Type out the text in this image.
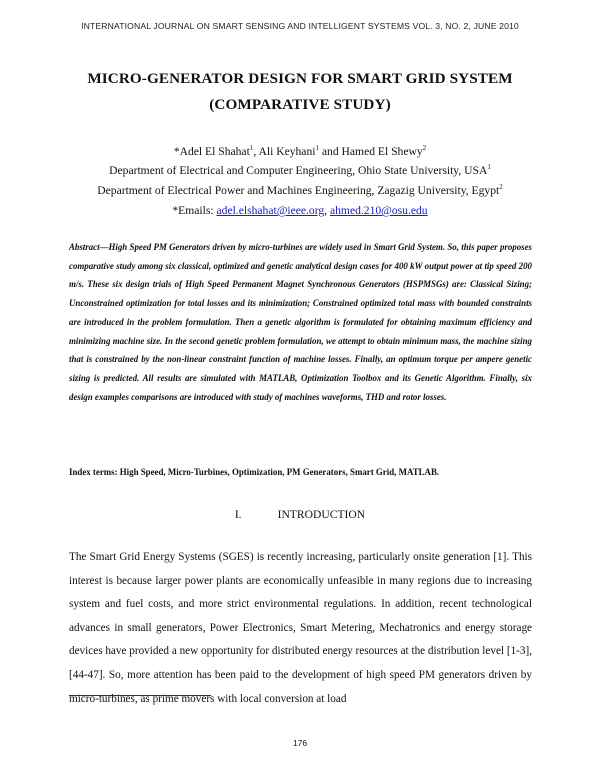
INTERNATIONAL JOURNAL ON SMART SENSING AND INTELLIGENT SYSTEMS VOL. 3, NO. 2, JUNE 2010
MICRO-GENERATOR DESIGN FOR SMART GRID SYSTEM
(COMPARATIVE STUDY)
*Adel El Shahat$^1$, Ali Keyhani$^1$ and Hamed El Shewy$^2$
Department of Electrical and Computer Engineering, Ohio State University, USA$^1$
Department of Electrical Power and Machines Engineering, Zagazig University, Egypt$^2$
*Emails: adel.elshahat@ieee.org, ahmed.210@osu.edu
Abstract—High Speed PM Generators driven by micro-turbines are widely used in Smart Grid System. So, this paper proposes comparative study among six classical, optimized and genetic analytical design cases for 400 kW output power at tip speed 200 m/s. These six design trials of High Speed Permanent Magnet Synchronous Generators (HSPMSGs) are: Classical Sizing; Unconstrained optimization for total losses and its minimization; Constrained optimized total mass with bounded constraints are introduced in the problem formulation. Then a genetic algorithm is formulated for obtaining maximum efficiency and minimizing machine size. In the second genetic problem formulation, we attempt to obtain minimum mass, the machine sizing that is constrained by the non-linear constraint function of machine losses. Finally, an optimum torque per ampere genetic sizing is predicted. All results are simulated with MATLAB, Optimization Toolbox and its Genetic Algorithm. Finally, six design examples comparisons are introduced with study of machines waveforms, THD and rotor losses.
Index terms: High Speed, Micro-Turbines, Optimization, PM Generators, Smart Grid, MATLAB.
I.	INTRODUCTION
The Smart Grid Energy Systems (SGES) is recently increasing, particularly onsite generation [1]. This interest is because larger power plants are economically unfeasible in many regions due to increasing system and fuel costs, and more strict environmental regulations. In addition, recent technological advances in small generators, Power Electronics, Smart Metering, Mechatronics and energy storage devices have provided a new opportunity for distributed energy resources at the distribution level [1-3], [44-47]. So, more attention has been paid to the development of high speed PM generators driven by micro-turbines, as prime movers with local conversion at load
176
